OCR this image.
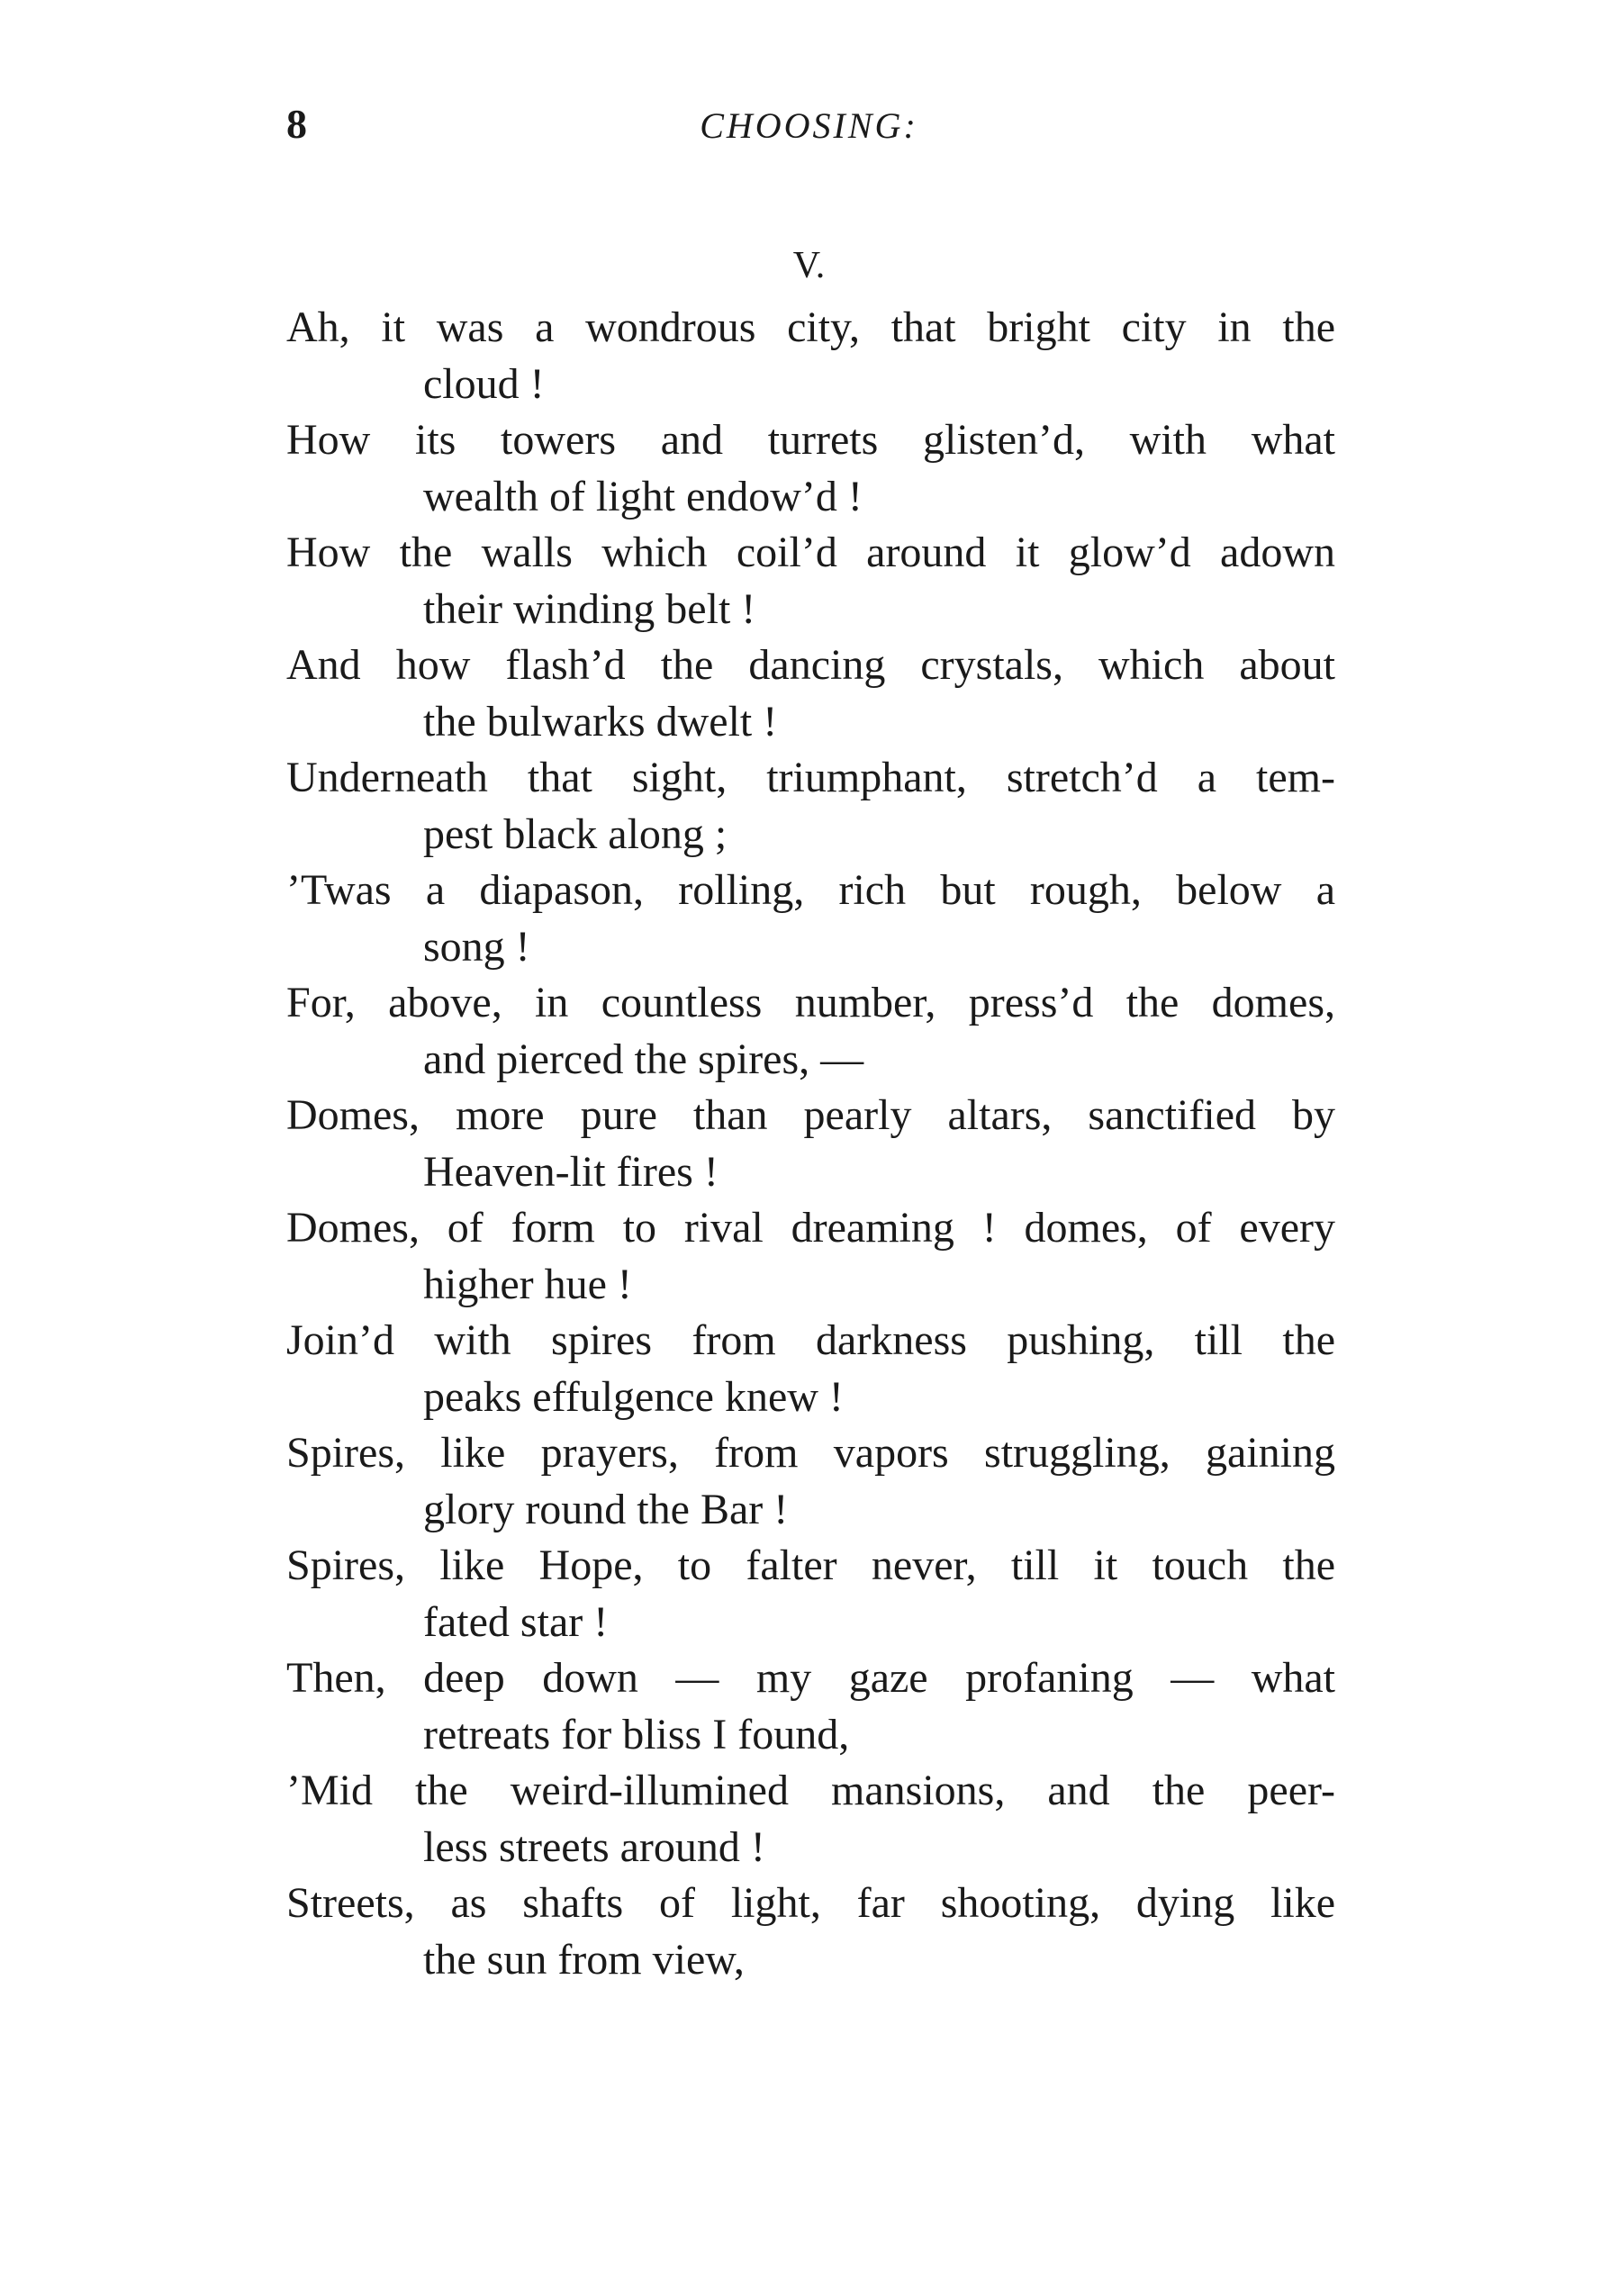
8	CHOOSING:
V.
Ah, it was a wondrous city, that bright city in the
cloud !
How its towers and turrets glisten’d, with what
wealth of light endow’d !
How the walls which coil’d around it glow’d adown
their winding belt !
And how flash’d the dancing crystals, which about
the bulwarks dwelt !
Underneath that sight, triumphant, stretch’d a tem-
pest black along ;
’Twas a diapason, rolling, rich but rough, below a
song !
For, above, in countless number, press’d the domes,
and pierced the spires, —
Domes, more pure than pearly altars, sanctified by
Heaven-lit fires !
Domes, of form to rival dreaming ! domes, of every
higher hue !
Join’d with spires from darkness pushing, till the
peaks effulgence knew !
Spires, like prayers, from vapors struggling, gaining
glory round the Bar !
Spires, like Hope, to falter never, till it touch the
fated star !
Then, deep down — my gaze profaning — what
retreats for bliss I found,
’Mid the weird-illumined mansions, and the peer-
less streets around !
Streets, as shafts of light, far shooting, dying like
the sun from view,
